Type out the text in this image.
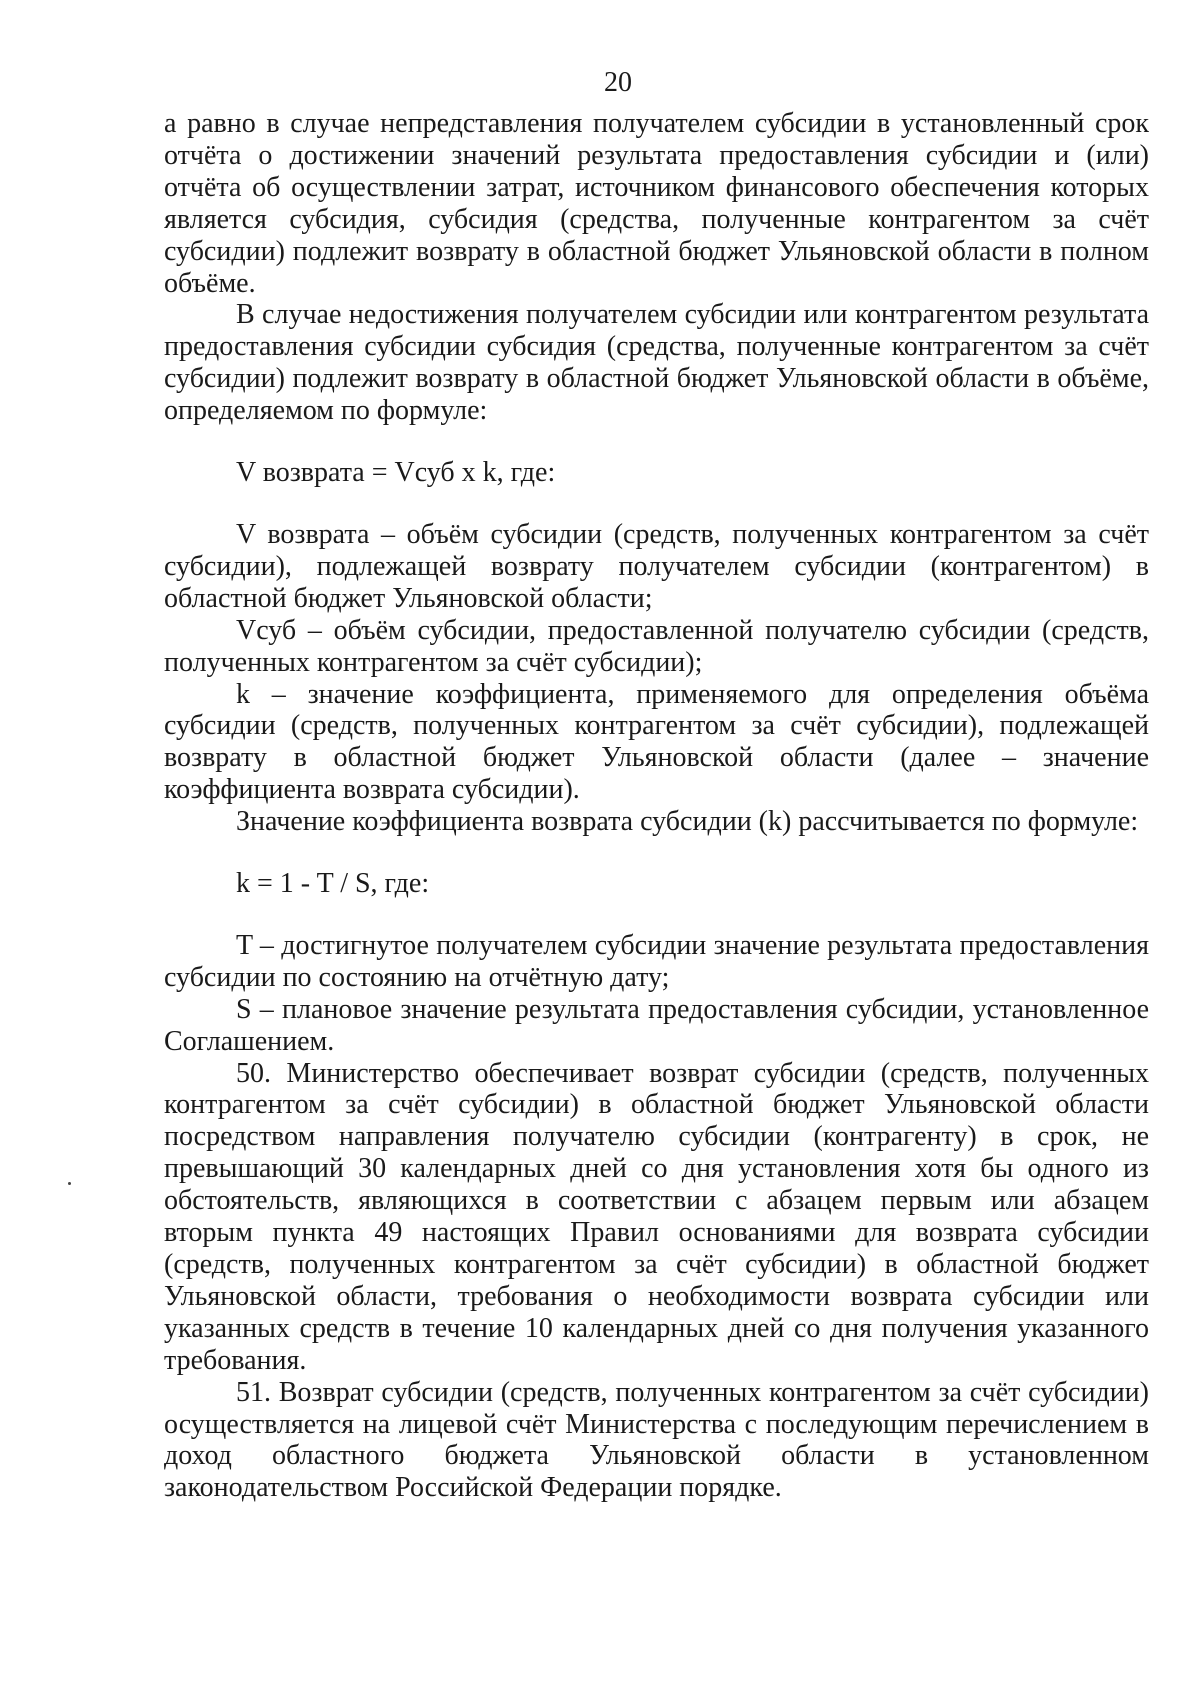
20

а равно в случае непредставления получателем субсидии в установленный срок отчёта о достижении значений результата предоставления субсидии и (или) отчёта об осуществлении затрат, источником финансового обеспечения которых является субсидия, субсидия (средства, полученные контрагентом за счёт субсидии) подлежит возврату в областной бюджет Ульяновской области в полном объёме.

В случае недостижения получателем субсидии или контрагентом результата предоставления субсидии субсидия (средства, полученные контрагентом за счёт субсидии) подлежит возврату в областной бюджет Ульяновской области в объёме, определяемом по формуле:

V возврата = Vсуб x k, где:

V возврата – объём субсидии (средств, полученных контрагентом за счёт субсидии), подлежащей возврату получателем субсидии (контрагентом) в областной бюджет Ульяновской области;

Vсуб – объём субсидии, предоставленной получателю субсидии (средств, полученных контрагентом за счёт субсидии);

k – значение коэффициента, применяемого для определения объёма субсидии (средств, полученных контрагентом за счёт субсидии), подлежащей возврату в областной бюджет Ульяновской области (далее – значение коэффициента возврата субсидии).

Значение коэффициента возврата субсидии (k) рассчитывается по формуле:

k = 1 - T / S, где:

T – достигнутое получателем субсидии значение результата предоставления субсидии по состоянию на отчётную дату;

S – плановое значение результата предоставления субсидии, установленное Соглашением.

50. Министерство обеспечивает возврат субсидии (средств, полученных контрагентом за счёт субсидии) в областной бюджет Ульяновской области посредством направления получателю субсидии (контрагенту) в срок, не превышающий 30 календарных дней со дня установления хотя бы одного из обстоятельств, являющихся в соответствии с абзацем первым или абзацем вторым пункта 49 настоящих Правил основаниями для возврата субсидии (средств, полученных контрагентом за счёт субсидии) в областной бюджет Ульяновской области, требования о необходимости возврата субсидии или указанных средств в течение 10 календарных дней со дня получения указанного требования.

51. Возврат субсидии (средств, полученных контрагентом за счёт субсидии) осуществляется на лицевой счёт Министерства с последующим перечислением в доход областного бюджета Ульяновской области в установленном законодательством Российской Федерации порядке.
